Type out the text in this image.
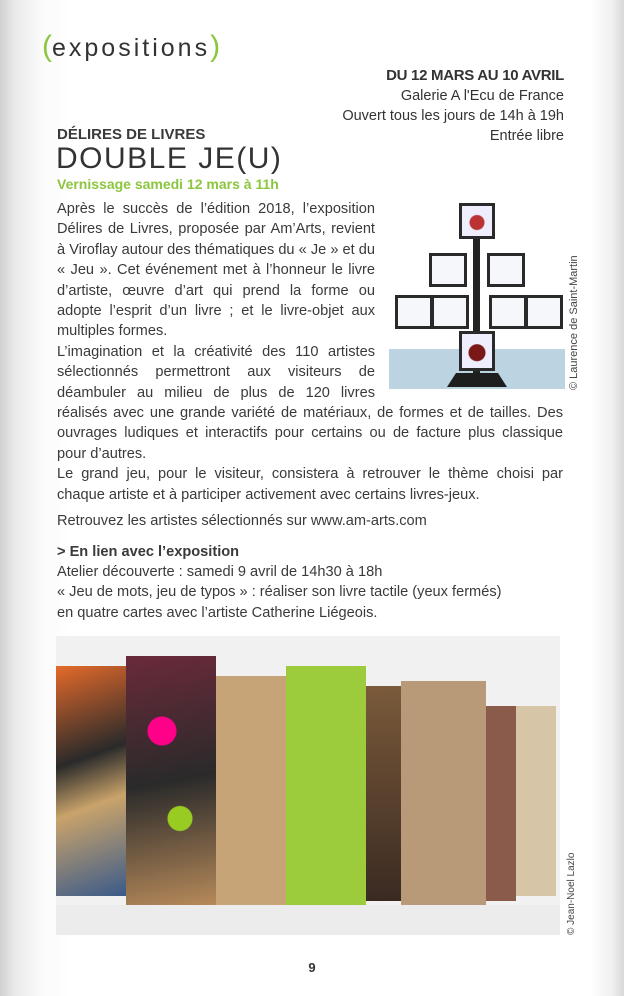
(expositions)
DU 12 MARS AU 10 AVRIL
Galerie A l'Ecu de France
Ouvert tous les jours de 14h à 19h
Entrée libre
DÉLIRES DE LIVRES
DOUBLE JE(U)
Vernissage samedi 12 mars à 11h

Après le succès de l’édition 2018, l’exposition Délires de Livres, proposée par Am’Arts, revient à Viroflay autour des thématiques du « Je » et du « Jeu ». Cet événement met à l’honneur le livre d’artiste, œuvre d’art qui prend la forme ou adopte l’esprit d’un livre ; et le livre-objet aux multiples formes.

L’imagination et la créativité des 110 artistes sélectionnés permettront aux visiteurs de déambuler au milieu de plus de 120 livres réalisés avec une grande variété de matériaux, de formes et de tailles. Des ouvrages ludiques et interactifs pour certains ou de facture plus classique pour d’autres.

Le grand jeu, pour le visiteur, consistera à retrouver le thème choisi par chaque artiste et à participer activement avec certains livres-jeux.

Retrouvez les artistes sélectionnés sur www.am-arts.com

> En lien avec l’exposition

Atelier découverte : samedi 9 avril de 14h30 à 18h

« Jeu de mots, jeu de typos » : réaliser son livre tactile (yeux fermés)

en quatre cartes avec l’artiste Catherine Liégeois.

© Laurence de Saint-Martin
© Jean-Noel Lazlo
9
